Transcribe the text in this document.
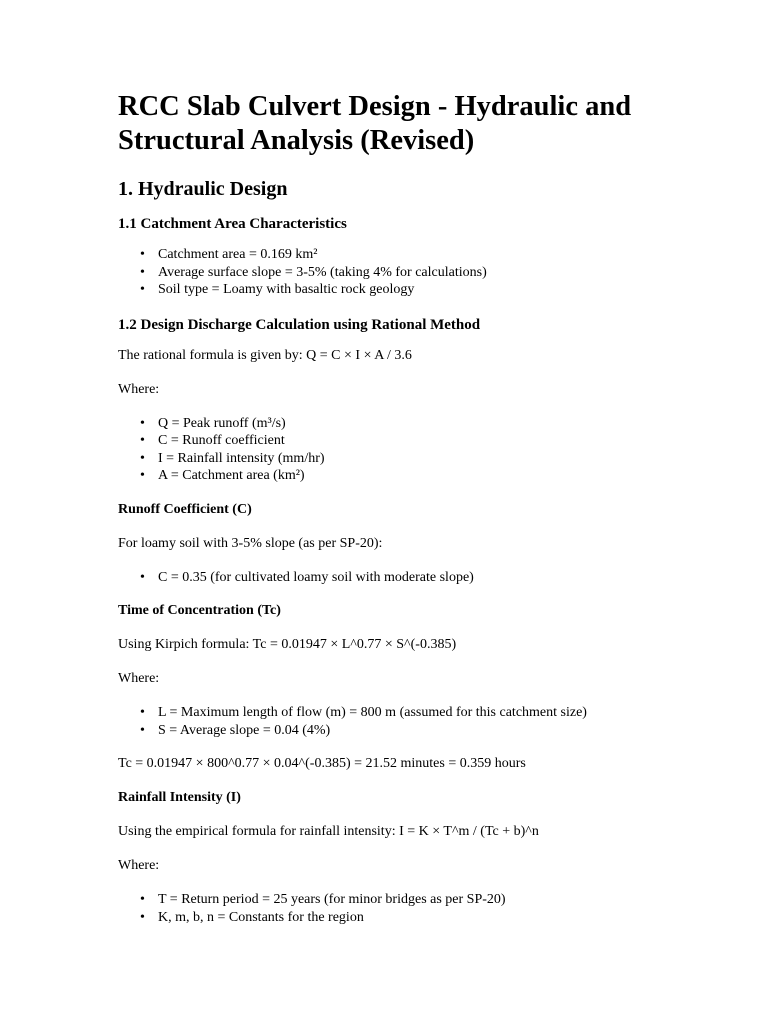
RCC Slab Culvert Design - Hydraulic and Structural Analysis (Revised)
1. Hydraulic Design
1.1 Catchment Area Characteristics
• Catchment area = 0.169 km²
• Average surface slope = 3-5% (taking 4% for calculations)
• Soil type = Loamy with basaltic rock geology
1.2 Design Discharge Calculation using Rational Method

The rational formula is given by: Q = C × I × A / 3.6

Where:

• Q = Peak runoff (m³/s)
• C = Runoff coefficient
• I = Rainfall intensity (mm/hr)
• A = Catchment area (km²)
Runoff Coefficient (C)

For loamy soil with 3-5% slope (as per SP-20):

• C = 0.35 (for cultivated loamy soil with moderate slope)
Time of Concentration (Tc)

Using Kirpich formula: Tc = 0.01947 × L^0.77 × S^(-0.385)

Where:

• L = Maximum length of flow (m) = 800 m (assumed for this catchment size)
• S = Average slope = 0.04 (4%)

Tc = 0.01947 × 800^0.77 × 0.04^(-0.385) = 21.52 minutes = 0.359 hours

Rainfall Intensity (I)

Using the empirical formula for rainfall intensity: I = K × T^m / (Tc + b)^n

Where:

• T = Return period = 25 years (for minor bridges as per SP-20)
• K, m, b, n = Constants for the region
